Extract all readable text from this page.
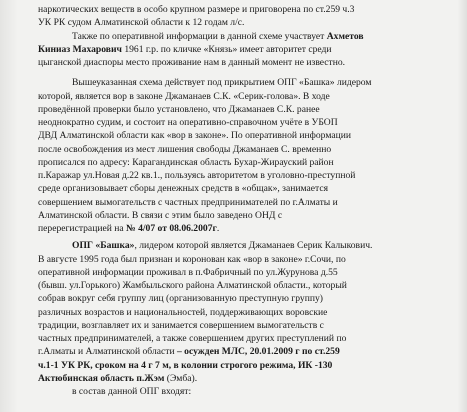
наркотических веществ в особо крупном размере и приговорена по ст.259 ч.3
УК РК судом Алматинской области к 12 годам л/с.
Также по оперативной информации в данной схеме участвует Ахметов
Киниаз Махарович 1961 г.р. по кличке «Князь» имеет авторитет среди
цыганской диаспоры место проживание нам в данный момент не известно.
Вышеуказанная схема действует под прикрытием ОПГ «Башка» лидером
которой, является вор в законе Джаманаев С.К. «Серик-голова». В ходе
проведённой проверки было установлено, что Джаманаев С.К. ранее
неоднократно судим, и состоит на оперативно-справочном учёте в УБОП
ДВД Алматинской области как «вор в законе». По оперативной информации
после освобождения из мест лишения свободы Джаманаев С. временно
прописался по адресу: Карагандинская область Бухар-Жирауский район
п.Каражар ул.Новая д.22 кв.1., пользуясь авторитетом в уголовно-преступной
среде организовывает сборы денежных средств в «общак», занимается
совершением вымогательств с частных предпринимателей по г.Алматы и
Алматинской области. В связи с этим было заведено ОНД с
перерегистрацией на № 4/07 от 08.06.2007г.
ОПГ «Башка», лидером которой является Джаманаев Серик Калыкович.
В августе 1995 года был признан и коронован как «вор в законе» г.Сочи, по
оперативной информации проживал в п.Фабричный по ул.Журунова д.55
(бывш. ул.Горького) Жамбыльского района Алматинской области., который
собрав вокруг себя группу лиц (организованную преступную группу)
различных возрастов и национальностей, поддерживающих воровские
традиции, возглавляет их и занимается совершением вымогательств с
частных предпринимателей, а также совершением других преступлений по
г.Алматы и Алматинской области – осужден МЛС, 20.01.2009 г по ст.259
ч.1-1 УК РК, сроком на 4 г 7 м, в колонии строгого режима, ИК -130
Актюбинская область п.Жэм (Эмба).
в состав данной ОПГ входят:
